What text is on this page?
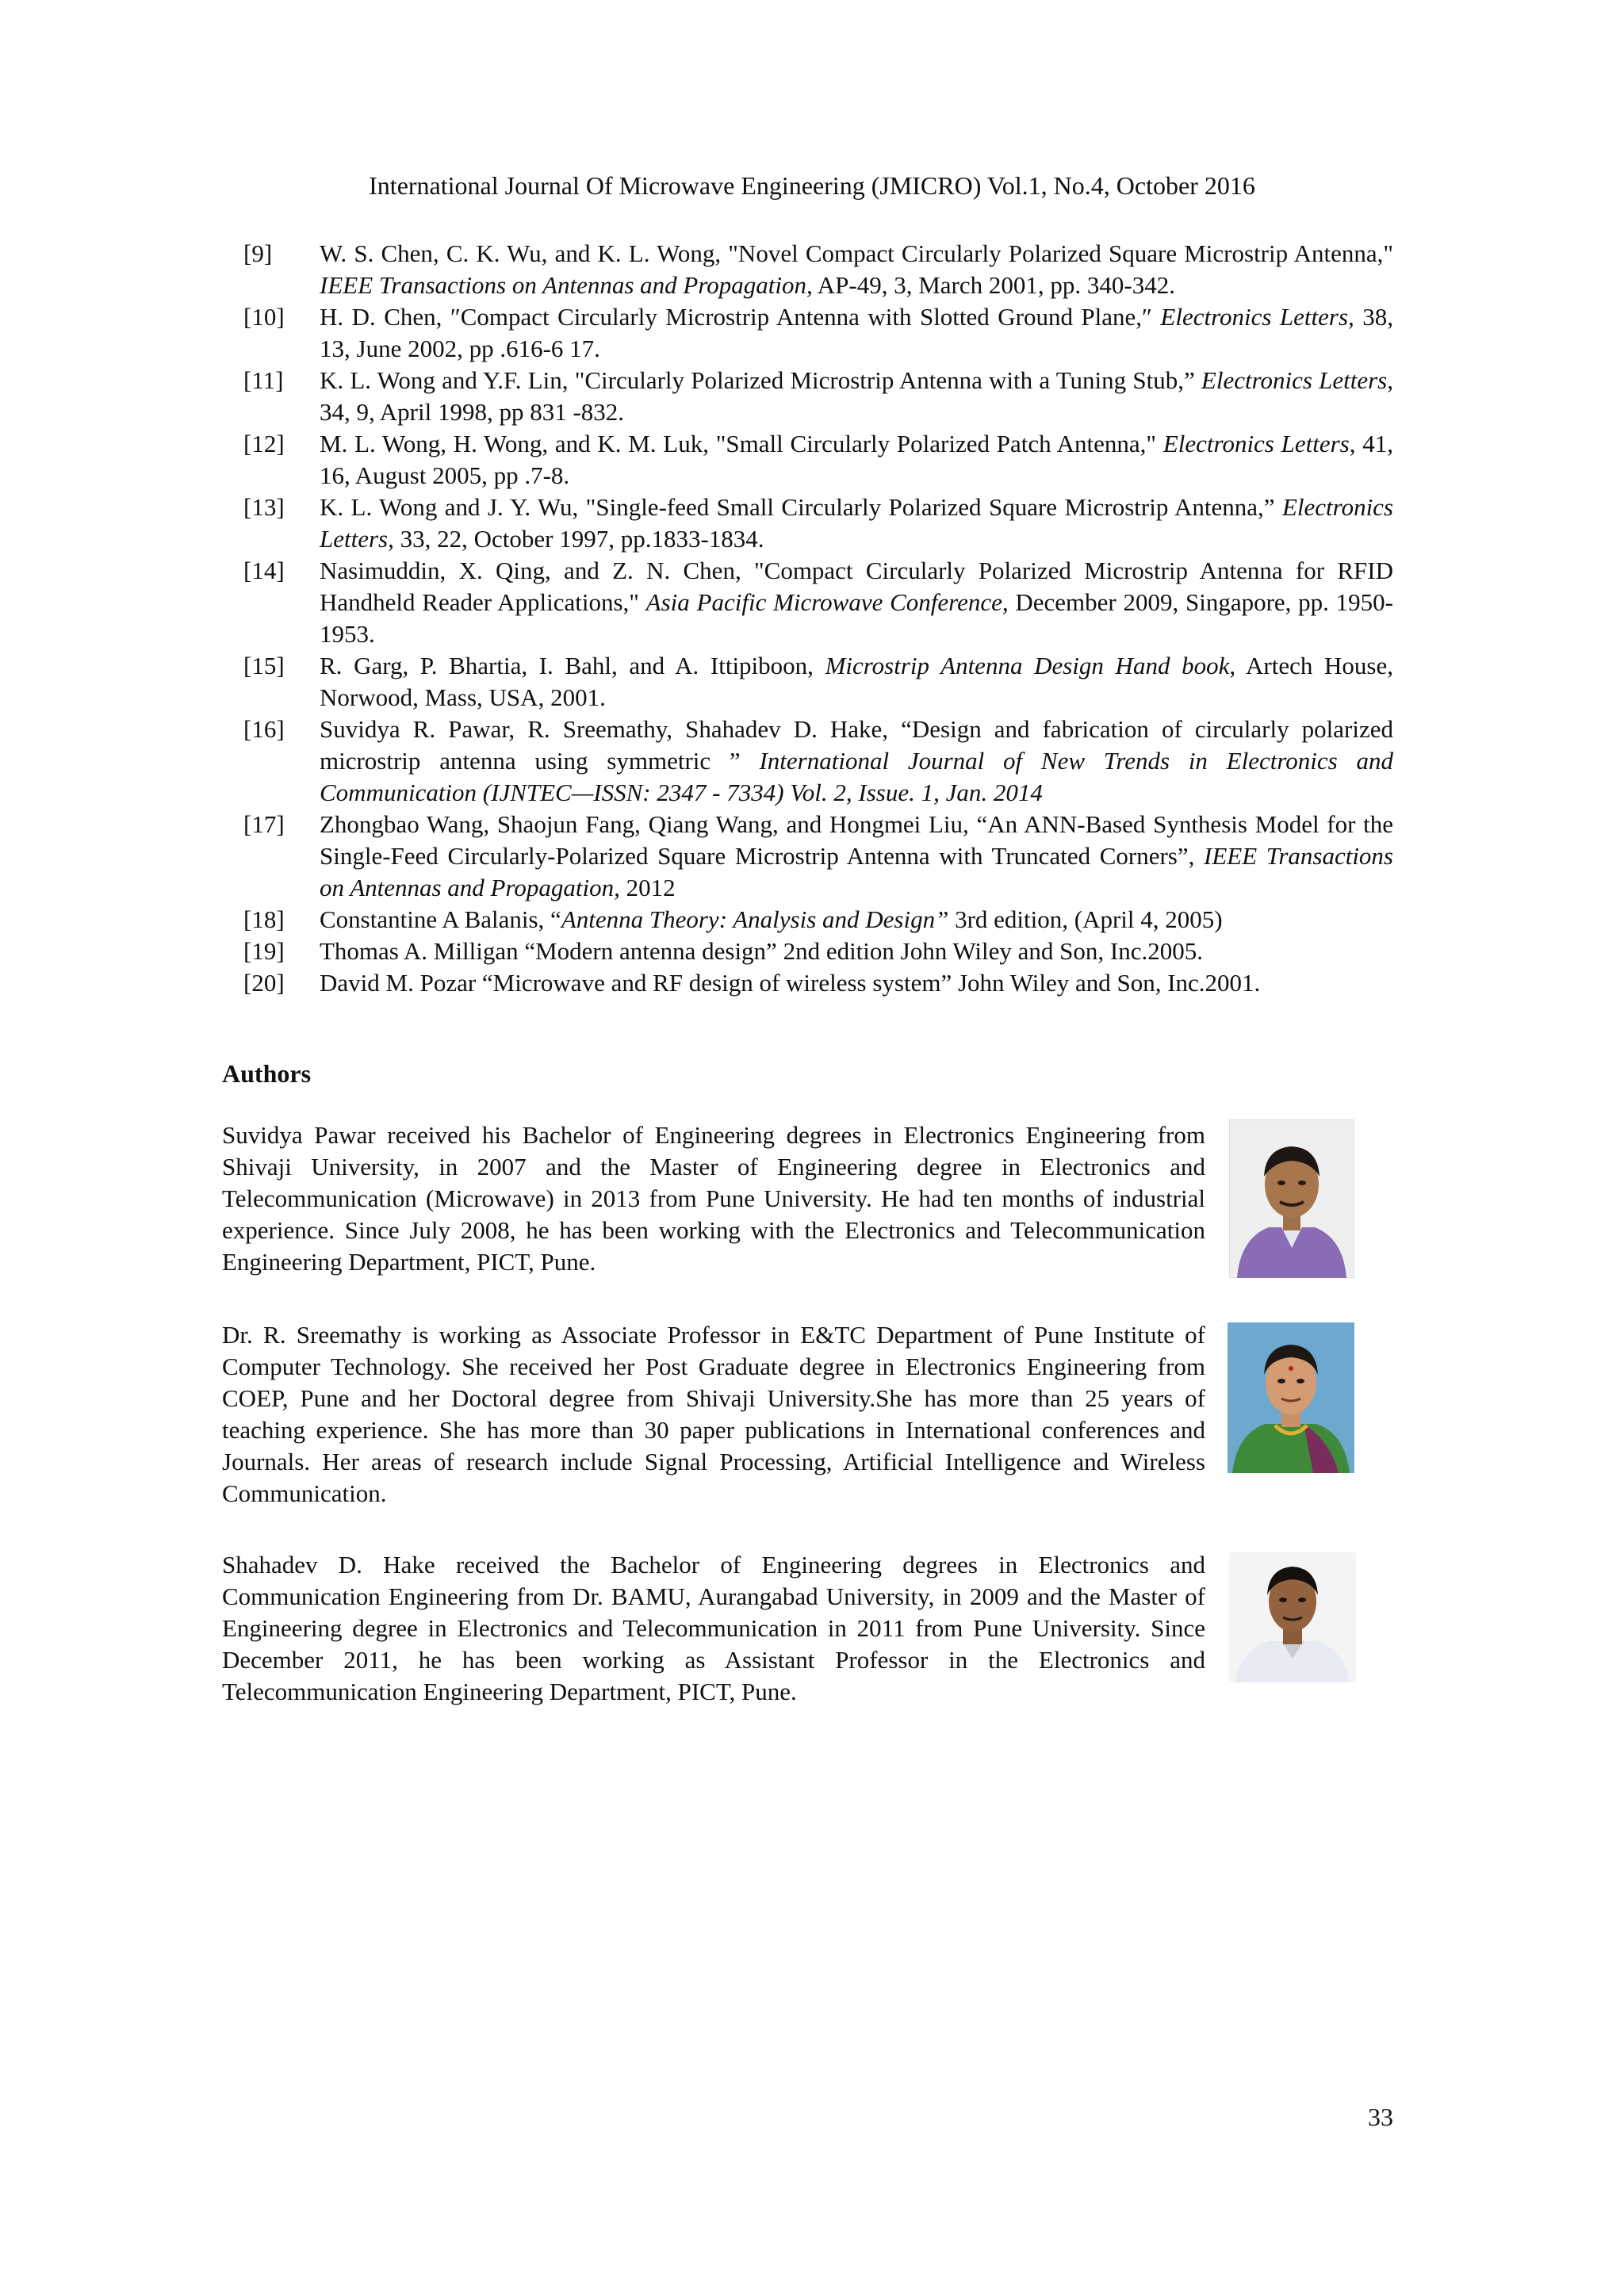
International Journal Of Microwave Engineering (JMICRO) Vol.1, No.4, October 2016
[9]	W. S. Chen, C. K. Wu, and K. L. Wong, "Novel Compact Circularly Polarized Square Microstrip Antenna," IEEE Transactions on Antennas and Propagation, AP-49, 3, March 2001, pp. 340-342.
[10]	H. D. Chen, ″Compact Circularly Microstrip Antenna with Slotted Ground Plane,″ Electronics Letters, 38, 13, June 2002, pp .616-6 17.
[11]	K. L. Wong and Y.F. Lin, "Circularly Polarized Microstrip Antenna with a Tuning Stub,” Electronics Letters, 34, 9, April 1998, pp 831 -832.
[12]	M. L. Wong, H. Wong, and K. M. Luk, "Small Circularly Polarized Patch Antenna," Electronics Letters, 41, 16, August 2005, pp .7-8.
[13]	K. L. Wong and J. Y. Wu, "Single-feed Small Circularly Polarized Square Microstrip Antenna,” Electronics Letters, 33, 22, October 1997, pp.1833-1834.
[14]	Nasimuddin, X. Qing, and Z. N. Chen, "Compact Circularly Polarized Microstrip Antenna for RFID Handheld Reader Applications," Asia Pacific Microwave Conference, December 2009, Singapore, pp. 1950-1953.
[15]	R. Garg, P. Bhartia, I. Bahl, and A. Ittipiboon, Microstrip Antenna Design Hand book, Artech House, Norwood, Mass, USA, 2001.
[16]	Suvidya R. Pawar, R. Sreemathy, Shahadev D. Hake, “Design and fabrication of circularly polarized microstrip antenna using symmetric ” International Journal of New Trends in Electronics and Communication (IJNTEC—ISSN: 2347 - 7334) Vol. 2, Issue. 1, Jan. 2014
[17]	Zhongbao Wang, Shaojun Fang, Qiang Wang, and Hongmei Liu, “An ANN-Based Synthesis Model for the Single-Feed Circularly-Polarized Square Microstrip Antenna with Truncated Corners”, IEEE Transactions on Antennas and Propagation, 2012
[18]	Constantine A Balanis, “Antenna Theory: Analysis and Design” 3rd edition, (April 4, 2005)
[19]	Thomas A. Milligan “Modern antenna design” 2nd edition John Wiley and Son, Inc.2005.
[20]	David M. Pozar “Microwave and RF design of wireless system” John Wiley and Son, Inc.2001.
Authors
Suvidya Pawar received his Bachelor of Engineering degrees in Electronics Engineering from Shivaji University, in 2007 and the Master of Engineering degree in Electronics and Telecommunication (Microwave) in 2013 from Pune University. He had ten months of industrial experience. Since July 2008, he has been working with the Electronics and Telecommunication Engineering Department, PICT, Pune.
Dr. R. Sreemathy is working as Associate Professor in E&TC Department of Pune Institute of Computer Technology. She received her Post Graduate degree in Electronics Engineering from COEP, Pune and her Doctoral degree from Shivaji University.She has more than 25 years of teaching experience. She has more than 30 paper publications in International conferences and Journals. Her areas of research include Signal Processing, Artificial Intelligence and Wireless Communication.
Shahadev D. Hake received the Bachelor of Engineering degrees in Electronics and Communication Engineering from Dr. BAMU, Aurangabad University, in 2009 and the Master of Engineering degree in Electronics and Telecommunication in 2011 from Pune University. Since December 2011, he has been working as Assistant Professor in the Electronics and Telecommunication Engineering Department, PICT, Pune.
33
